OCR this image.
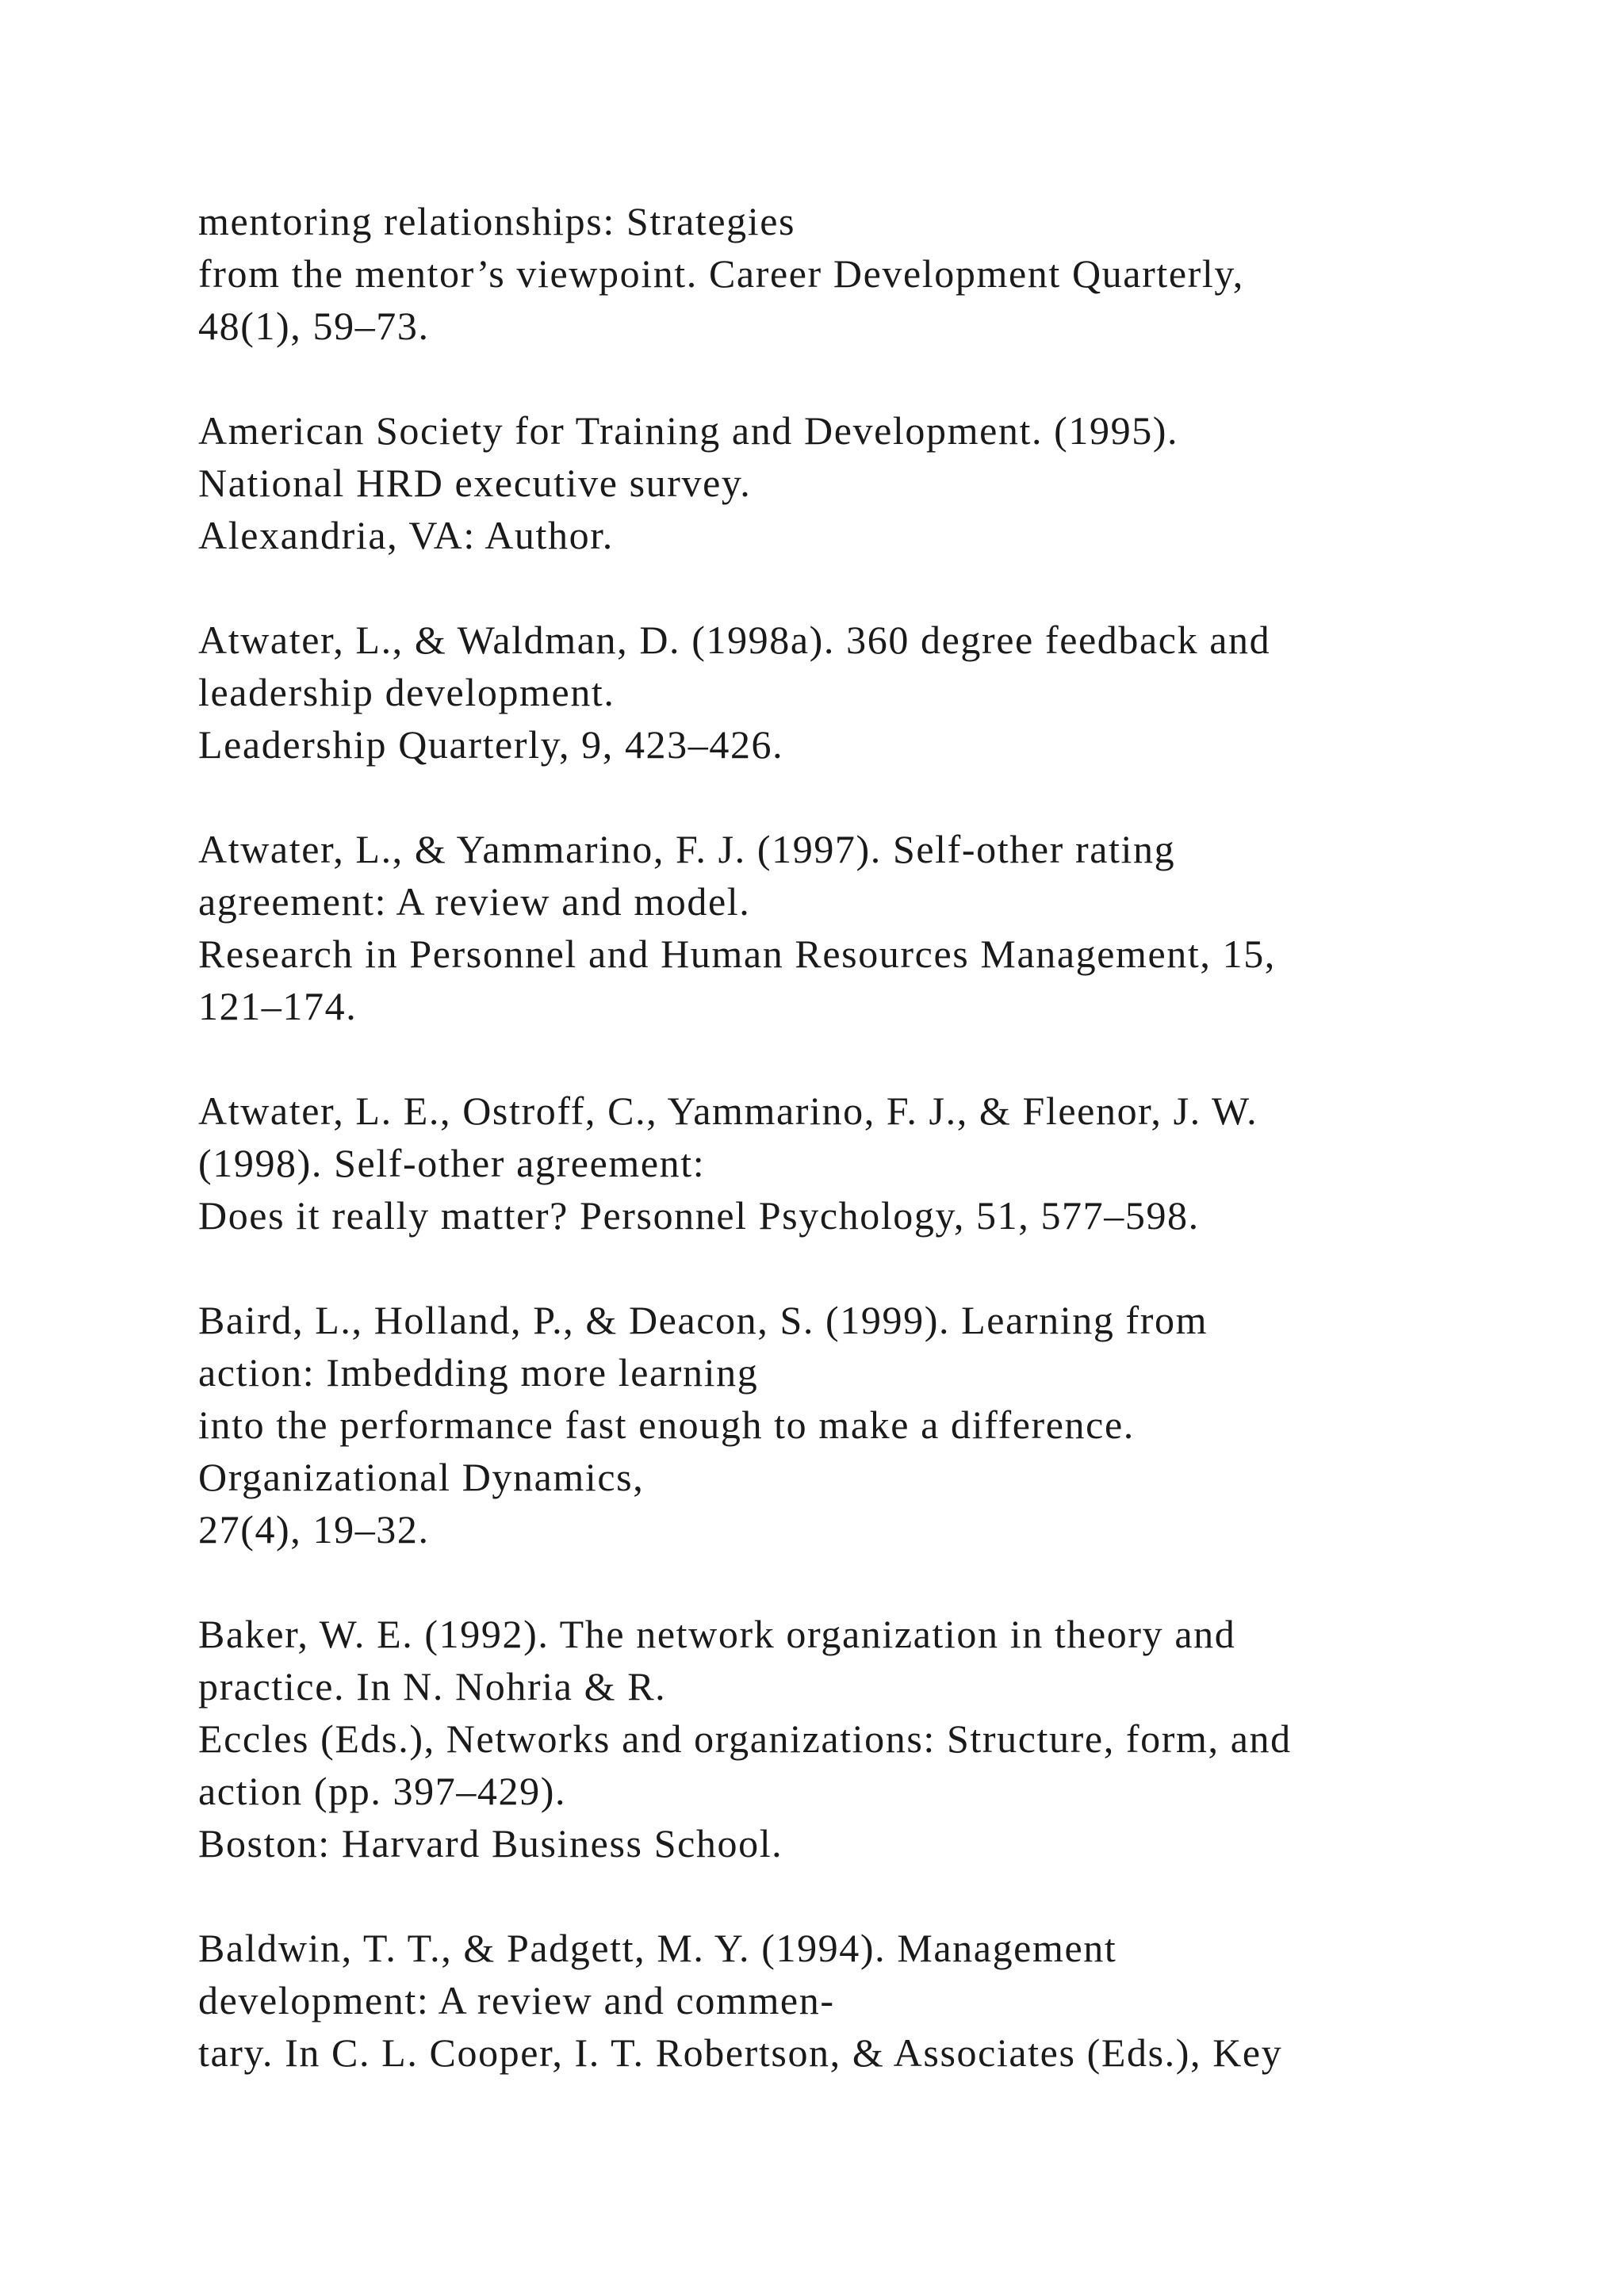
mentoring relationships: Strategies
from the mentor’s viewpoint. Career Development Quarterly,
48(1), 59–73.
American Society for Training and Development. (1995).
National HRD executive survey.
Alexandria, VA: Author.
Atwater, L., & Waldman, D. (1998a). 360 degree feedback and
leadership development.
Leadership Quarterly, 9, 423–426.
Atwater, L., & Yammarino, F. J. (1997). Self-other rating
agreement: A review and model.
Research in Personnel and Human Resources Management, 15,
121–174.
Atwater, L. E., Ostroff, C., Yammarino, F. J., & Fleenor, J. W.
(1998). Self-other agreement:
Does it really matter? Personnel Psychology, 51, 577–598.
Baird, L., Holland, P., & Deacon, S. (1999). Learning from
action: Imbedding more learning
into the performance fast enough to make a difference.
Organizational Dynamics,
27(4), 19–32.
Baker, W. E. (1992). The network organization in theory and
practice. In N. Nohria & R.
Eccles (Eds.), Networks and organizations: Structure, form, and
action (pp. 397–429).
Boston: Harvard Business School.
Baldwin, T. T., & Padgett, M. Y. (1994). Management
development: A review and commen-
tary. In C. L. Cooper, I. T. Robertson, & Associates (Eds.), Key
